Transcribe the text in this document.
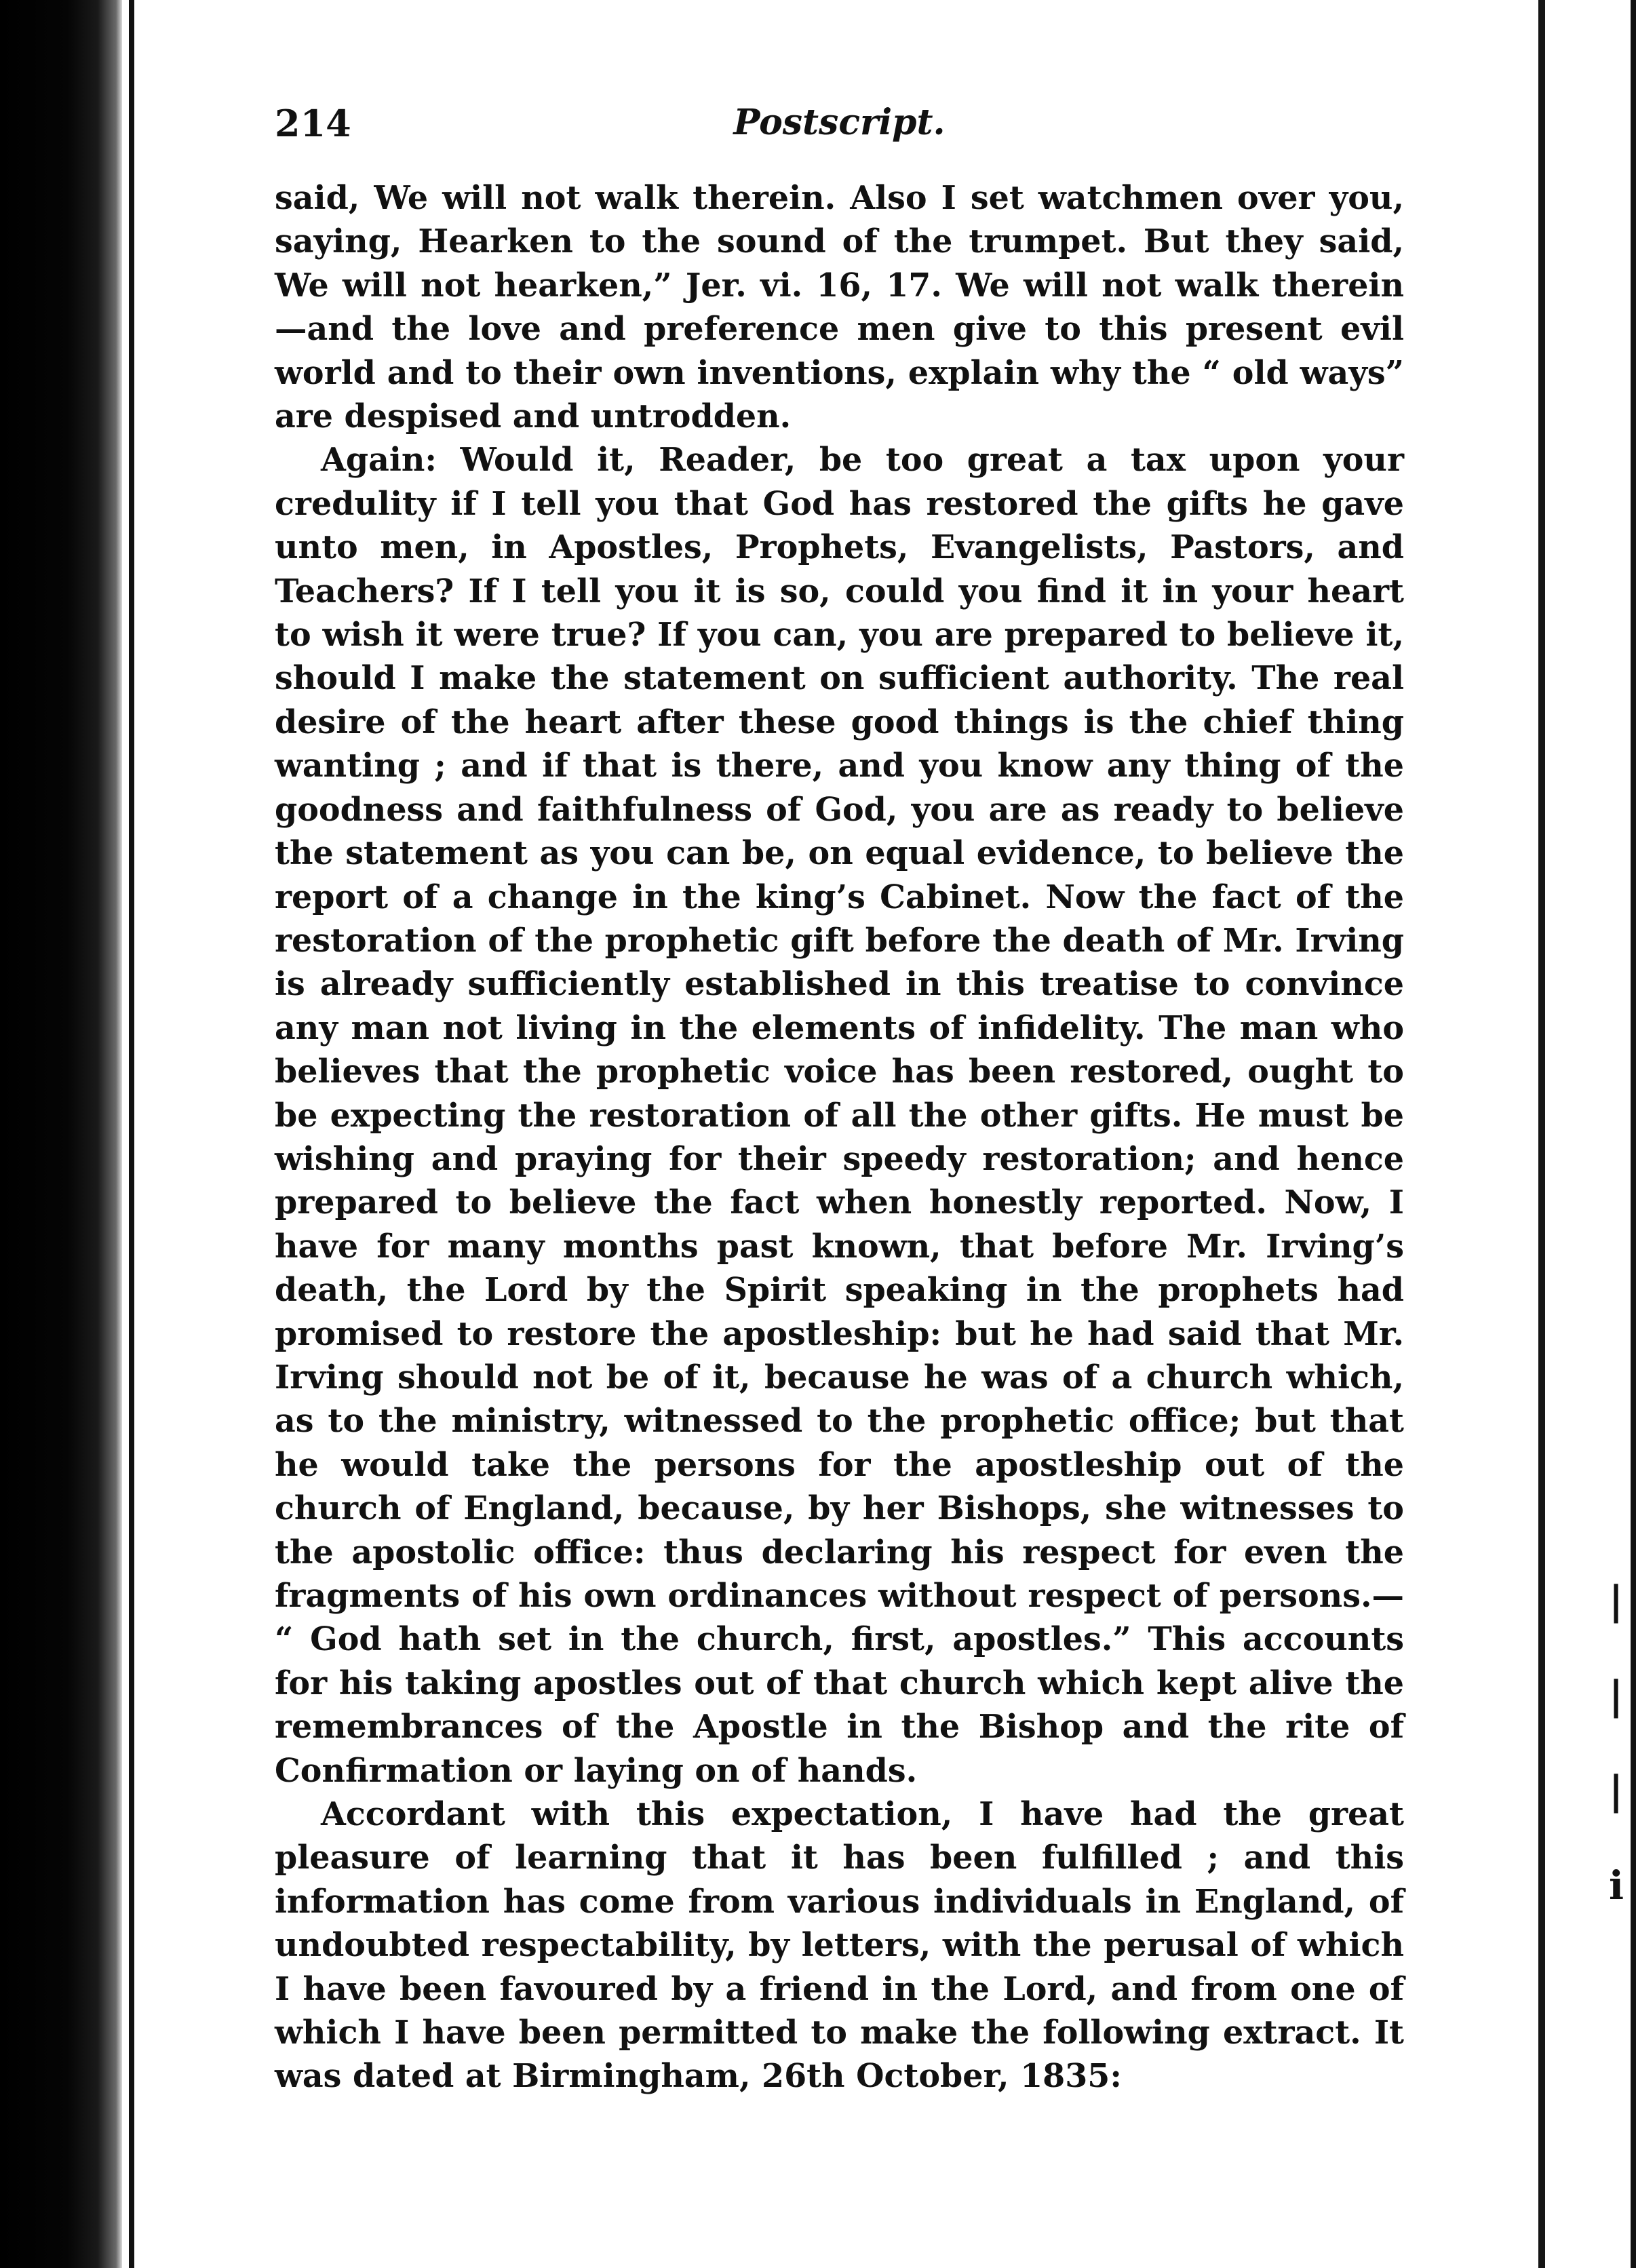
|
|
|
i
214	Postscript.

said, We will not walk therein. Also I set watchmen over you, saying, Hearken to the sound of the trumpet. But they said, We will not hearken,” Jer. vi. 16, 17. We will not walk therein—and the love and preference men give to this present evil world and to their own inventions, explain why the “ old ways” are despised and untrodden.

Again: Would it, Reader, be too great a tax upon your credulity if I tell you that God has restored the gifts he gave unto men, in Apostles, Prophets, Evangelists, Pastors, and Teachers? If I tell you it is so, could you find it in your heart to wish it were true? If you can, you are prepared to believe it, should I make the statement on sufficient authority. The real desire of the heart after these good things is the chief thing wanting ; and if that is there, and you know any thing of the goodness and faithfulness of God, you are as ready to believe the statement as you can be, on equal evidence, to believe the report of a change in the king’s Cabinet. Now the fact of the restoration of the prophetic gift before the death of Mr. Irving is already sufficiently established in this treatise to convince any man not living in the elements of infidelity. The man who believes that the prophetic voice has been restored, ought to be expecting the restoration of all the other gifts. He must be wishing and praying for their speedy restoration; and hence prepared to believe the fact when honestly reported. Now, I have for many months past known, that before Mr. Irving’s death, the Lord by the Spirit speaking in the prophets had promised to restore the apostleship: but he had said that Mr. Irving should not be of it, because he was of a church which, as to the ministry, witnessed to the prophetic office; but that he would take the persons for the apostleship out of the church of England, because, by her Bishops, she witnesses to the apostolic office: thus declaring his respect for even the fragments of his own ordinances without respect of persons.— “ God hath set in the church, first, apostles.” This accounts for his taking apostles out of that church which kept alive the remembrances of the Apostle in the Bishop and the rite of Confirmation or laying on of hands.

Accordant with this expectation, I have had the great pleasure of learning that it has been fulfilled ; and this information has come from various individuals in England, of undoubted respectability, by letters, with the perusal of which I have been favoured by a friend in the Lord, and from one of which I have been permitted to make the following extract. It was dated at Birmingham, 26th October, 1835:
